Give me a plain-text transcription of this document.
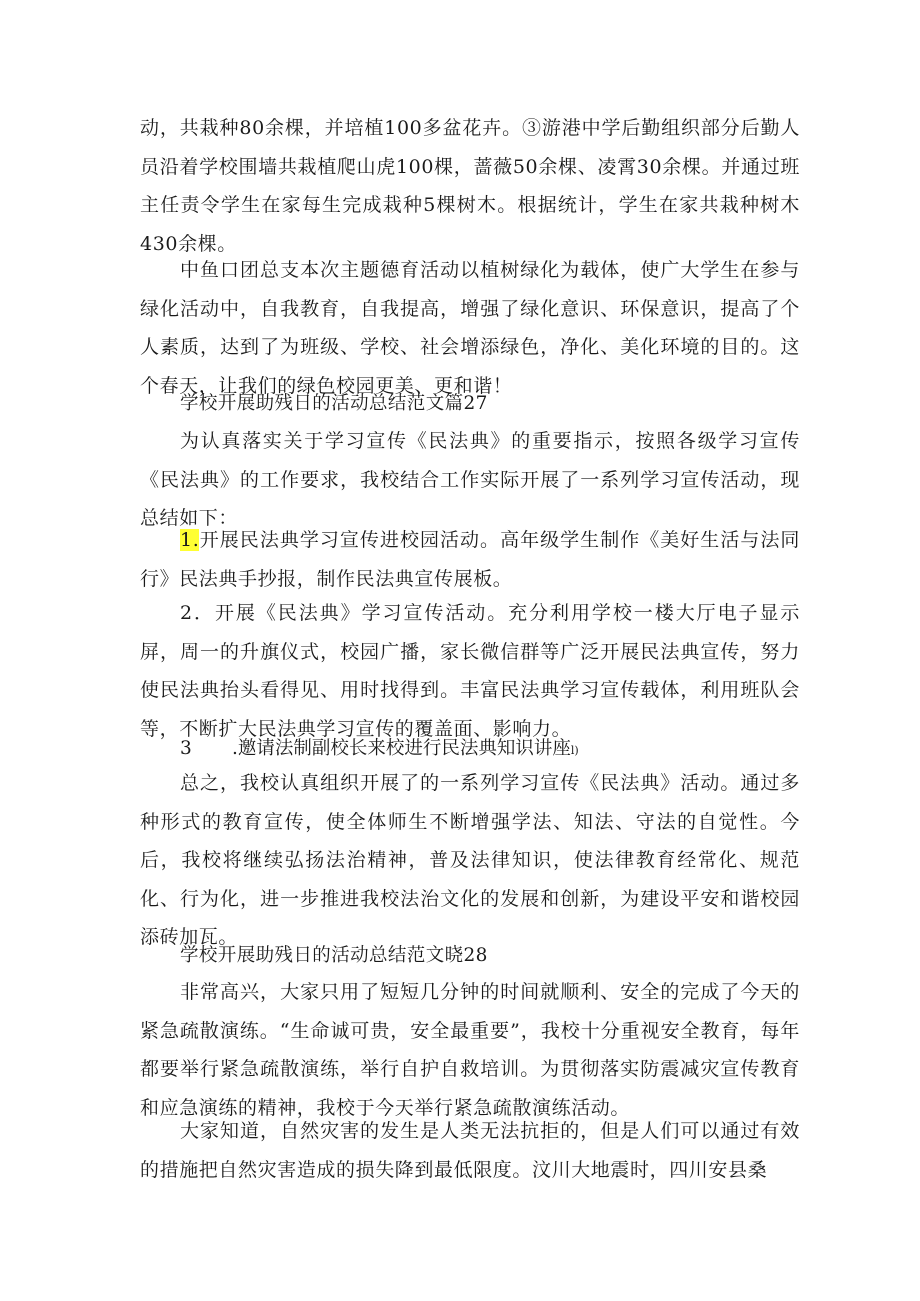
动，共栽种80余棵，并培植100多盆花卉。③游港中学后勤组织部分后勤人员沿着学校围墙共栽植爬山虎100棵，蔷薇50余棵、凌霄30余棵。并通过班主任责令学生在家每生完成栽种5棵树木。根据统计，学生在家共栽种树木430余棵。

中鱼口团总支本次主题德育活动以植树绿化为载体，使广大学生在参与绿化活动中，自我教育，自我提高，增强了绿化意识、环保意识，提高了个人素质，达到了为班级、学校、社会增添绿色，净化、美化环境的目的。这个春天，让我们的绿色校园更美、更和谐！

学校开展助残日的活动总结范文篇27

为认真落实关于学习宣传《民法典》的重要指示，按照各级学习宣传《民法典》的工作要求，我校结合工作实际开展了一系列学习宣传活动，现总结如下：

1.开展民法典学习宣传进校园活动。高年级学生制作《美好生活与法同行》民法典手抄报，制作民法典宣传展板。

2．开展《民法典》学习宣传活动。充分利用学校一楼大厅电子显示屏，周一的升旗仪式，校园广播，家长微信群等广泛开展民法典宣传，努力使民法典抬头看得见、用时找得到。丰富民法典学习宣传载体，利用班队会等，不断扩大民法典学习宣传的覆盖面、影响力。

3 .邀请法制副校长来校进行民法典知识讲座l)

总之，我校认真组织开展了的一系列学习宣传《民法典》活动。通过多种形式的教育宣传，使全体师生不断增强学法、知法、守法的自觉性。今后，我校将继续弘扬法治精神，普及法律知识，使法律教育经常化、规范化、行为化，进一步推进我校法治文化的发展和创新，为建设平安和谐校园添砖加瓦。

学校开展助残日的活动总结范文晓28

非常高兴，大家只用了短短几分钟的时间就顺利、安全的完成了今天的紧急疏散演练。“生命诚可贵，安全最重要”，我校十分重视安全教育，每年都要举行紧急疏散演练，举行自护自救培训。为贯彻落实防震减灾宣传教育和应急演练的精神，我校于今天举行紧急疏散演练活动。

大家知道，自然灾害的发生是人类无法抗拒的，但是人们可以通过有效的措施把自然灾害造成的损失降到最低限度。汶川大地震时，四川安县桑
